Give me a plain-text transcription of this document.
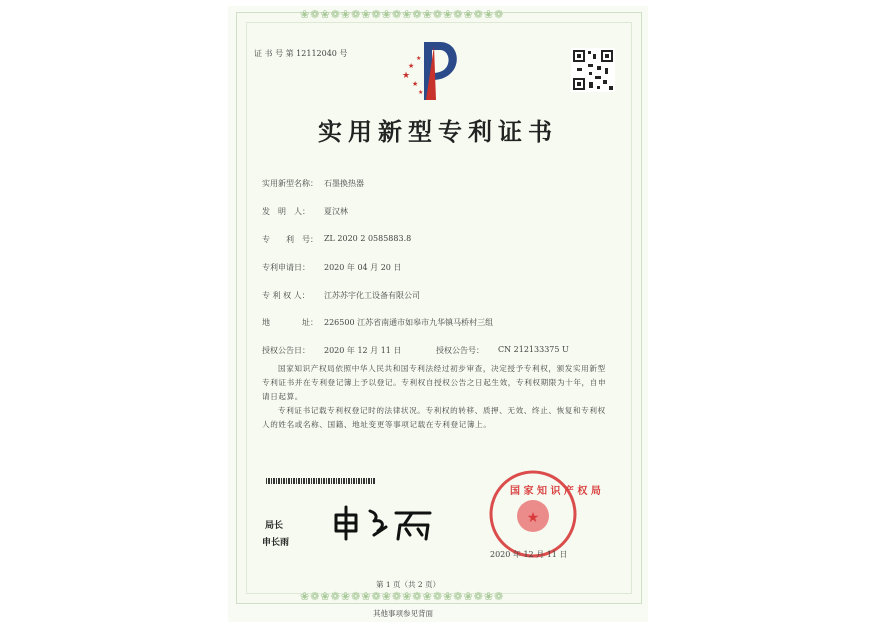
❀❁❀❁❀❁❀❁❀❁❀❁❀❁❀❁❀❁❀❁
❀❁❀❁❀❁❀❁❀❁❀❁❀❁❀❁❀❁❀❁
证 书 号 第 12112040 号
★
★
★
★
★
实用新型专利证书
实用新型名称： 石墨换热器
发　明　人： 夏汉林
专　　利　号： ZL 2020 2 0585883.8
专利申请日： 2020 年 04 月 20 日
专 利 权 人： 江苏苏宇化工设备有限公司
地　　　　址： 226500 江苏省南通市如皋市九华镇马桥村三组
授权公告日： 2020 年 12 月 11 日	授权公告号： CN 212133375 U
国家知识产权局依照中华人民共和国专利法经过初步审查，决定授予专利权，颁发实用新型专利证书并在专利登记簿上予以登记。专利权自授权公告之日起生效，专利权期限为十年，自申请日起算。
专利证书记载专利权登记时的法律状况。专利权的转移、质押、无效、终止、恢复和专利权人的姓名或名称、国籍、地址变更等事项记载在专利登记簿上。
局长
申长雨
★
国 家 知 识 产 权 局
2020 年 12 月 11 日
第 1 页（共 2 页）
其他事项参见背面
